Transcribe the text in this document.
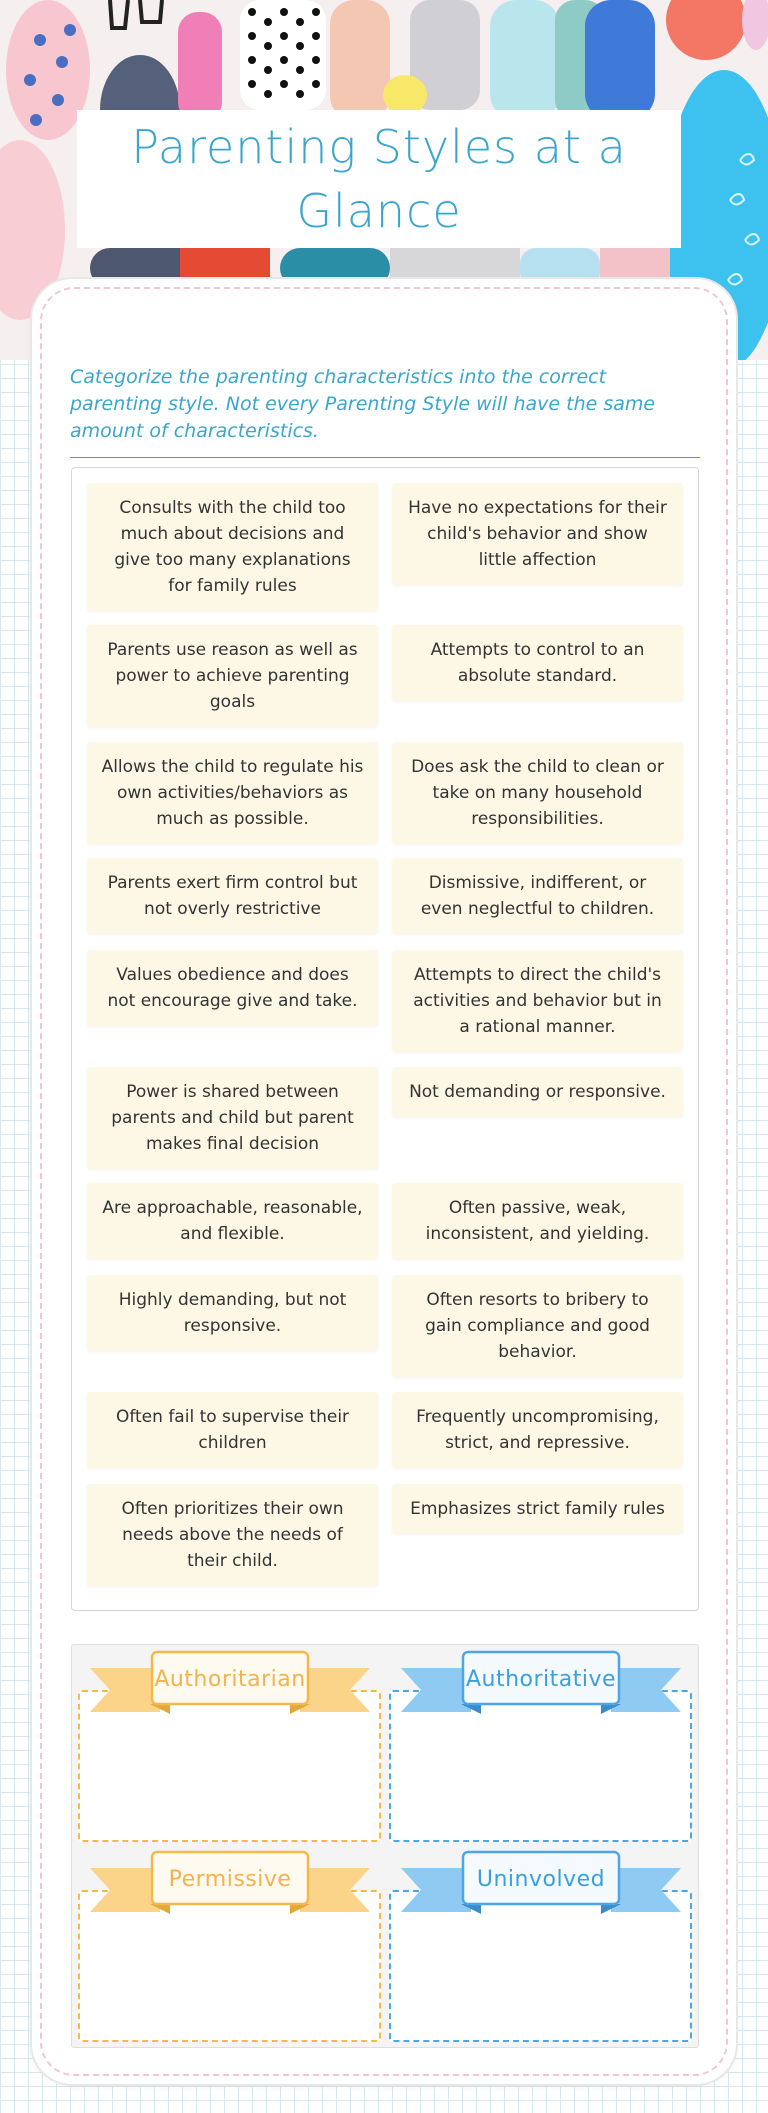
Parenting Styles at a Glance
Categorize the parenting characteristics into the correct parenting style. Not every Parenting Style will have the same amount of characteristics.
Consults with the child too much about decisions and give too many explanations for family rules
Have no expectations for their child's behavior and show little affection
Parents use reason as well as power to achieve parenting goals
Attempts to control to an absolute standard.
Allows the child to regulate his own activities/behaviors as much as possible.
Does ask the child to clean or take on many household responsibilities.
Parents exert firm control but not overly restrictive
Dismissive, indifferent, or even neglectful to children.
Values obedience and does not encourage give and take.
Attempts to direct the child's activities and behavior but in a rational manner.
Power is shared between parents and child but parent makes final decision
Not demanding or responsive.
Are approachable, reasonable, and flexible.
Often passive, weak, inconsistent, and yielding.
Highly demanding, but not responsive.
Often resorts to bribery to gain compliance and good behavior.
Often fail to supervise their children
Frequently uncompromising, strict, and repressive.
Often prioritizes their own needs above the needs of their child.
Emphasizes strict family rules
Authoritarian	Authoritative
Permissive	Uninvolved
